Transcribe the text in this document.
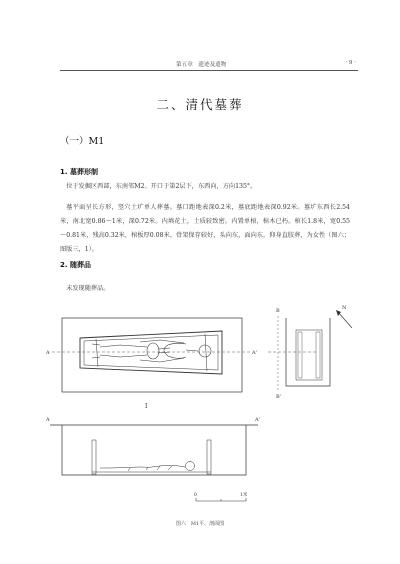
第五章　遗迹及遗物	· 9 ·
二、清代墓葬
（一）M1
1. 墓葬形制

位于发掘区西部，东南邻M2。开口于第2层下，东西向，方向135°。

墓平面呈长方形，竖穴土圹单人葬墓。墓口距地表深0.2米，墓底距地表深0.92米。墓圹东西长2.54米，南北宽0.86～1米，深0.72米。内填花土，土质较致密。内置单棺，棺木已朽。棺长1.8米，宽0.55～0.81米，残高0.32米，棺板厚0.08米。骨架保存较好，头向东，面向东，仰身直肢葬，为女性（图六；图版三，1）。

2. 随葬品

未发现随葬品。

A	A'
I
B
B'
N
A	A'
0	1米
图六　M1平、剖面图
